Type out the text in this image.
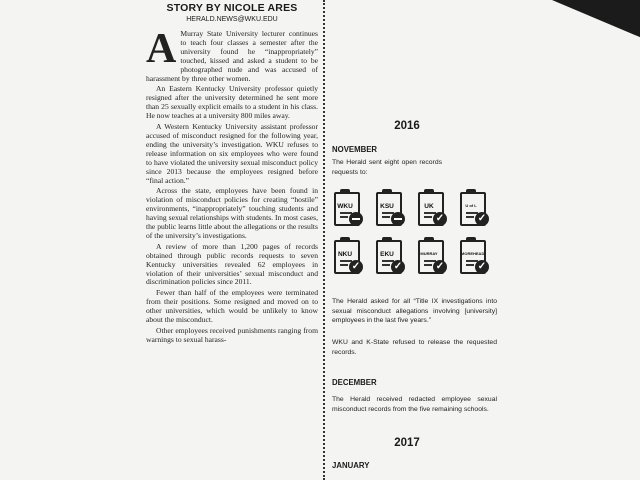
STORY BY NICOLE ARES
HERALD.NEWS@WKU.EDU

A Murray State University lecturer continues to teach four classes a semester after the university found he “inappropriately” touched, kissed and asked a student to be photographed nude and was accused of harassment by three other women.

An Eastern Kentucky University professor quietly resigned after the university determined he sent more than 25 sexually explicit emails to a student in his class. He now teaches at a university 800 miles away.

A Western Kentucky University assistant professor accused of misconduct resigned for the following year, ending the university’s investigation. WKU refuses to release information on six employees who were found to have violated the university sexual misconduct policy since 2013 because the employees resigned before “final action.”

Across the state, employees have been found in violation of misconduct policies for creating “hostile” environments, “inappropriately” touching students and having sexual relationships with students. In most cases, the public learns little about the allegations or the results of the university’s investigations.

A review of more than 1,200 pages of records obtained through public records requests to seven Kentucky universities revealed 62 employees in violation of their universities’ sexual misconduct and discrimination policies since 2011.

Fewer than half of the employees were terminated from their positions. Some resigned and moved on to other universities, which would be unlikely to know about the misconduct.

Other employees received punishments ranging from warnings to sexual harass-

2016
NOVEMBER
The Herald sent eight open records requests to:
The Herald asked for all “Title IX investigations into sexual misconduct allegations involving [university] employees in the last five years.”
WKU and K-State refused to release the requested records.
DECEMBER
The Herald received redacted employee sexual misconduct records from the five remaining schools.
2017
JANUARY
WKU	KSU	UK
✓
U of L
✓
NKU
✓
EKU
✓
MURRAY
✓
MOREHEAD
✓
